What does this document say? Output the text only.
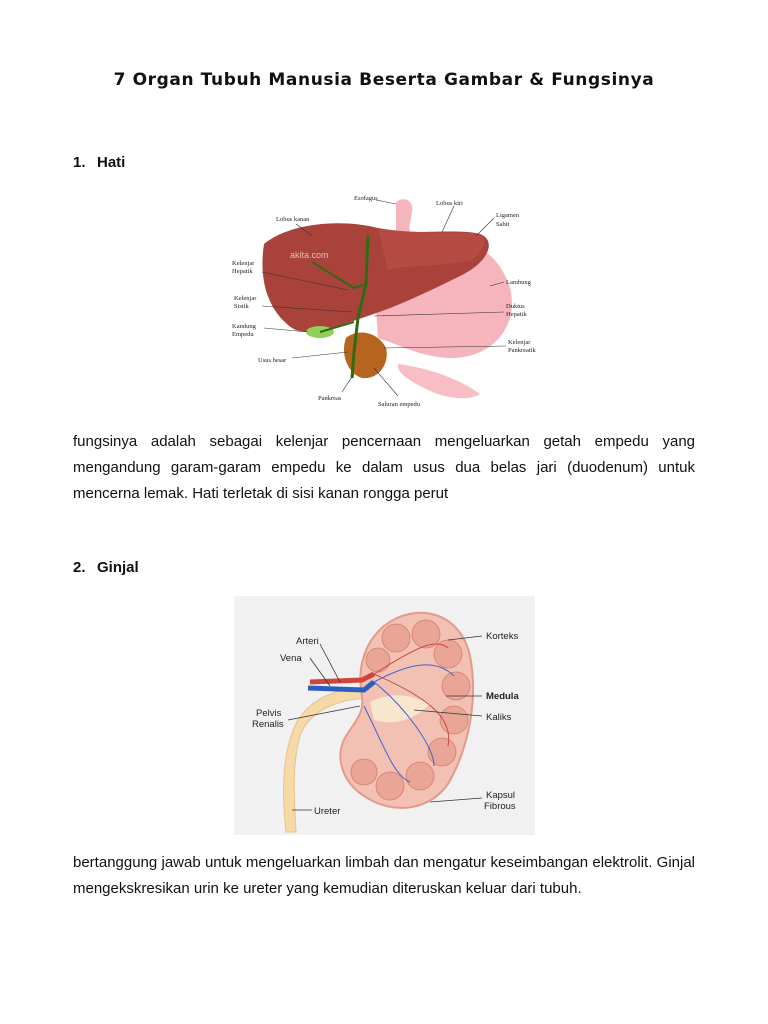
7 Organ Tubuh Manusia Beserta Gambar & Fungsinya
1. Hati
akita.com
Esofagus
Lobus kiri
Ligamen
Sabit
Lobus kanan
Kelenjar
Hepatik
Lambung
Kelenjar
Sistik	Duktus
Hepatik
Kandung
Empedu
Kelenjar
Pankreatik
Usus besar
Pankreas
Saluran empedu
fungsinya adalah sebagai kelenjar pencernaan mengeluarkan getah empedu yang mengandung garam-garam empedu ke dalam usus dua belas jari (duodenum) untuk mencerna lemak. Hati terletak di sisi kanan rongga perut
2. Ginjal
Arteri
Vena
Korteks
Medula
Pelvis
Renalis
Kaliks
Kapsul
Fibrous
Ureter
bertanggung jawab untuk mengeluarkan limbah dan mengatur keseimbangan elektrolit. Ginjal mengekskresikan urin ke ureter yang kemudian diteruskan keluar dari tubuh.
